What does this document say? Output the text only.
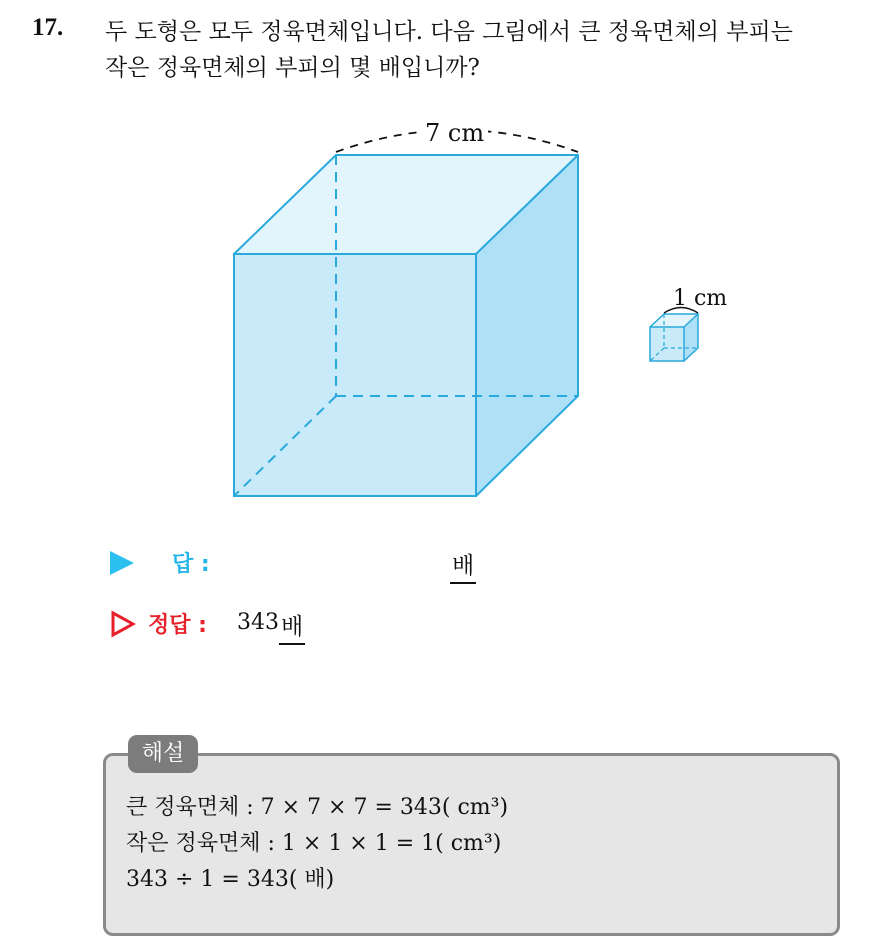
17. 두 도형은 모두 정육면체입니다. 다음 그림에서 큰 정육면체의 부피는
작은 정육면체의 부피의 몇 배입니까?
7 cm
1 cm
답 :	배
정답 : 343 배
해설
큰 정육면체 : 7 × 7 × 7 = 343( cm³)
작은 정육면체 : 1 × 1 × 1 = 1( cm³)
343 ÷ 1 = 343( 배)
